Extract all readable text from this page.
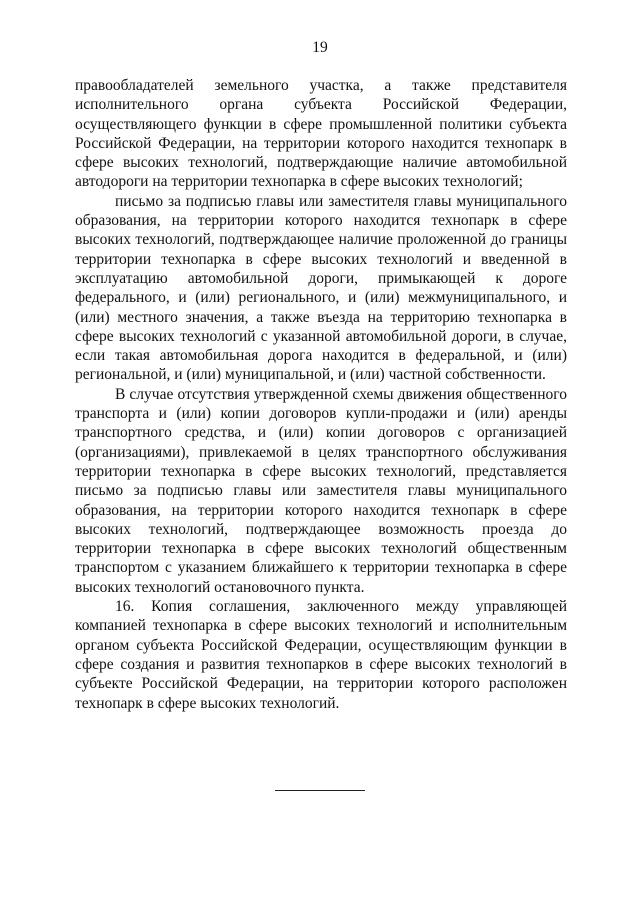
19

правообладателей земельного участка, а также представителя исполнительного органа субъекта Российской Федерации, осуществляющего функции в сфере промышленной политики субъекта Российской Федерации, на территории которого находится технопарк в сфере высоких технологий, подтверждающие наличие автомобильной автодороги на территории технопарка в сфере высоких технологий;

письмо за подписью главы или заместителя главы муниципального образования, на территории которого находится технопарк в сфере высоких технологий, подтверждающее наличие проложенной до границы территории технопарка в сфере высоких технологий и введенной в эксплуатацию автомобильной дороги, примыкающей к дороге федерального, и (или) регионального, и (или) межмуниципального, и (или) местного значения, а также въезда на территорию технопарка в сфере высоких технологий с указанной автомобильной дороги, в случае, если такая автомобильная дорога находится в федеральной, и (или) региональной, и (или) муниципальной, и (или) частной собственности.

В случае отсутствия утвержденной схемы движения общественного транспорта и (или) копии договоров купли-продажи и (или) аренды транспортного средства, и (или) копии договоров с организацией (организациями), привлекаемой в целях транспортного обслуживания территории технопарка в сфере высоких технологий, представляется письмо за подписью главы или заместителя главы муниципального образования, на территории которого находится технопарк в сфере высоких технологий, подтверждающее возможность проезда до территории технопарка в сфере высоких технологий общественным транспортом с указанием ближайшего к территории технопарка в сфере высоких технологий остановочного пункта.

16. Копия соглашения, заключенного между управляющей компанией технопарка в сфере высоких технологий и исполнительным органом субъекта Российской Федерации, осуществляющим функции в сфере создания и развития технопарков в сфере высоких технологий в субъекте Российской Федерации, на территории которого расположен технопарк в сфере высоких технологий.
